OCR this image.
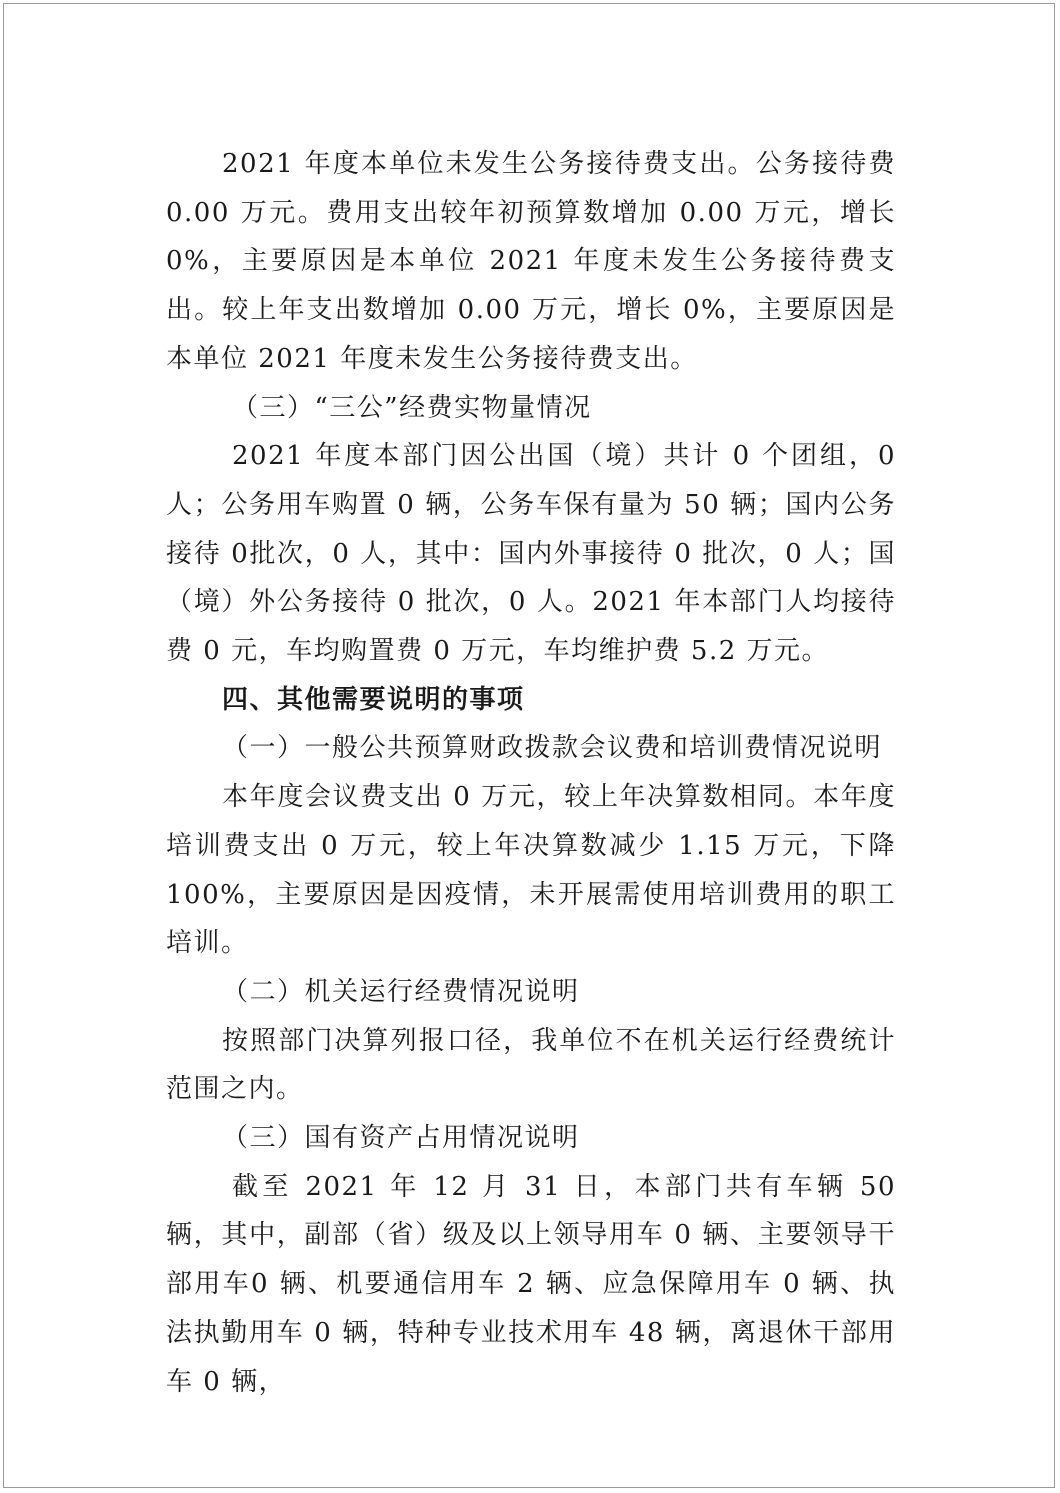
2021 年度本单位未发生公务接待费支出。公务接待费0.00 万元。费用支出较年初预算数增加 0.00 万元，增长 0%，主要原因是本单位 2021 年度未发生公务接待费支出。较上年支出数增加 0.00 万元，增长 0%，主要原因是本单位 2021 年度未发生公务接待费支出。

（三）“三公”经费实物量情况

2021 年度本部门因公出国（境）共计 0 个团组，0 人；公务用车购置 0 辆，公务车保有量为 50 辆；国内公务接待 0批次，0 人，其中：国内外事接待 0 批次，0 人；国（境）外公务接待 0 批次，0 人。2021 年本部门人均接待费 0 元，车均购置费 0 万元，车均维护费 5.2 万元。

四、其他需要说明的事项

（一）一般公共预算财政拨款会议费和培训费情况说明

本年度会议费支出 0 万元，较上年决算数相同。本年度培训费支出 0 万元，较上年决算数减少 1.15 万元，下降 100%，主要原因是因疫情，未开展需使用培训费用的职工培训。

（二）机关运行经费情况说明

按照部门决算列报口径，我单位不在机关运行经费统计范围之内。

（三）国有资产占用情况说明

截至 2021 年 12 月 31 日，本部门共有车辆 50 辆，其中，副部（省）级及以上领导用车 0 辆、主要领导干部用车0 辆、机要通信用车 2 辆、应急保障用车 0 辆、执法执勤用车 0 辆，特种专业技术用车 48 辆，离退休干部用车 0 辆，
